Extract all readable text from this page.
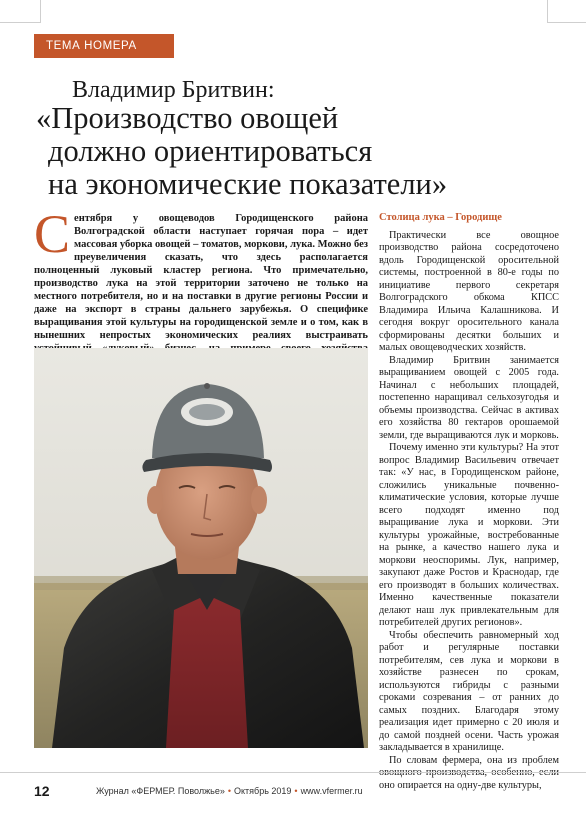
ТЕМА НОМЕРА
Владимир Бритвин:
«Производство овощей
должно ориентироваться
на экономические показатели»
Сентября у овощеводов Городищенского района Волгоградской области наступает горячая пора – идет массовая уборка овощей – томатов, моркови, лука. Можно без преувеличения сказать, что здесь располагается полноценный луковый кластер региона. Что примечательно, производство лука на этой территории заточено не только на местного потребителя, но и на поставки в другие регионы России и даже на экспорт в страны дальнего зарубежья. О специфике выращивания этой культуры на городищенской земле и о том, как в нынешних непростых экономических реалиях выстраивать
Столица лука – Городище

Практически все овощное производство района сосредоточено вдоль Городищенской оросительной системы, построенной в 80-е годы по инициативе первого секретаря Волгоградского обкома КПСС Владимира Ильича Калашникова. И сегодня вокруг оросительного канала сформированы десятки больших и малых овощеводческих хозяйств.

Владимир Бритвин занимается выращиванием овощей с 2005 года. Начинал с небольших площадей, постепенно наращивал сельхозугодья и объемы производства. Сейчас в активах его хозяйства 80 гектаров орошаемой земли, где выращиваются лук и морковь.

Почему именно эти культуры? На этот вопрос Владимир Васильевич отвечает так: «У нас, в Городищенском районе, сложились уникальные почвенно-климатические условия, которые лучше всего подходят именно под выращивание лука и моркови. Эти культуры урожайные, востребованные на рынке, а качество нашего лука и моркови неоспоримы. Лук, например, закупают даже Ростов и Краснодар, где его производят в больших количествах. Именно качественные показатели делают наш лук привлекательным для потребителей других регионов».

Чтобы обеспечить равномерный ход работ и регулярные поставки потребителям, сев лука и моркови в хозяйстве разнесен по срокам, используются гибриды с разными сроками созревания – от ранних до самых поздних. Благодаря этому реализация идет примерно с 20 июля и до самой поздней осени. Часть урожая закладывается в хранилище.

По словам фермера, она из проблем оно опирается на одну-две культуры,

12	Журнал «ФЕРМЕР. Поволжье» • Октябрь 2019 • www.vfermer.ru
